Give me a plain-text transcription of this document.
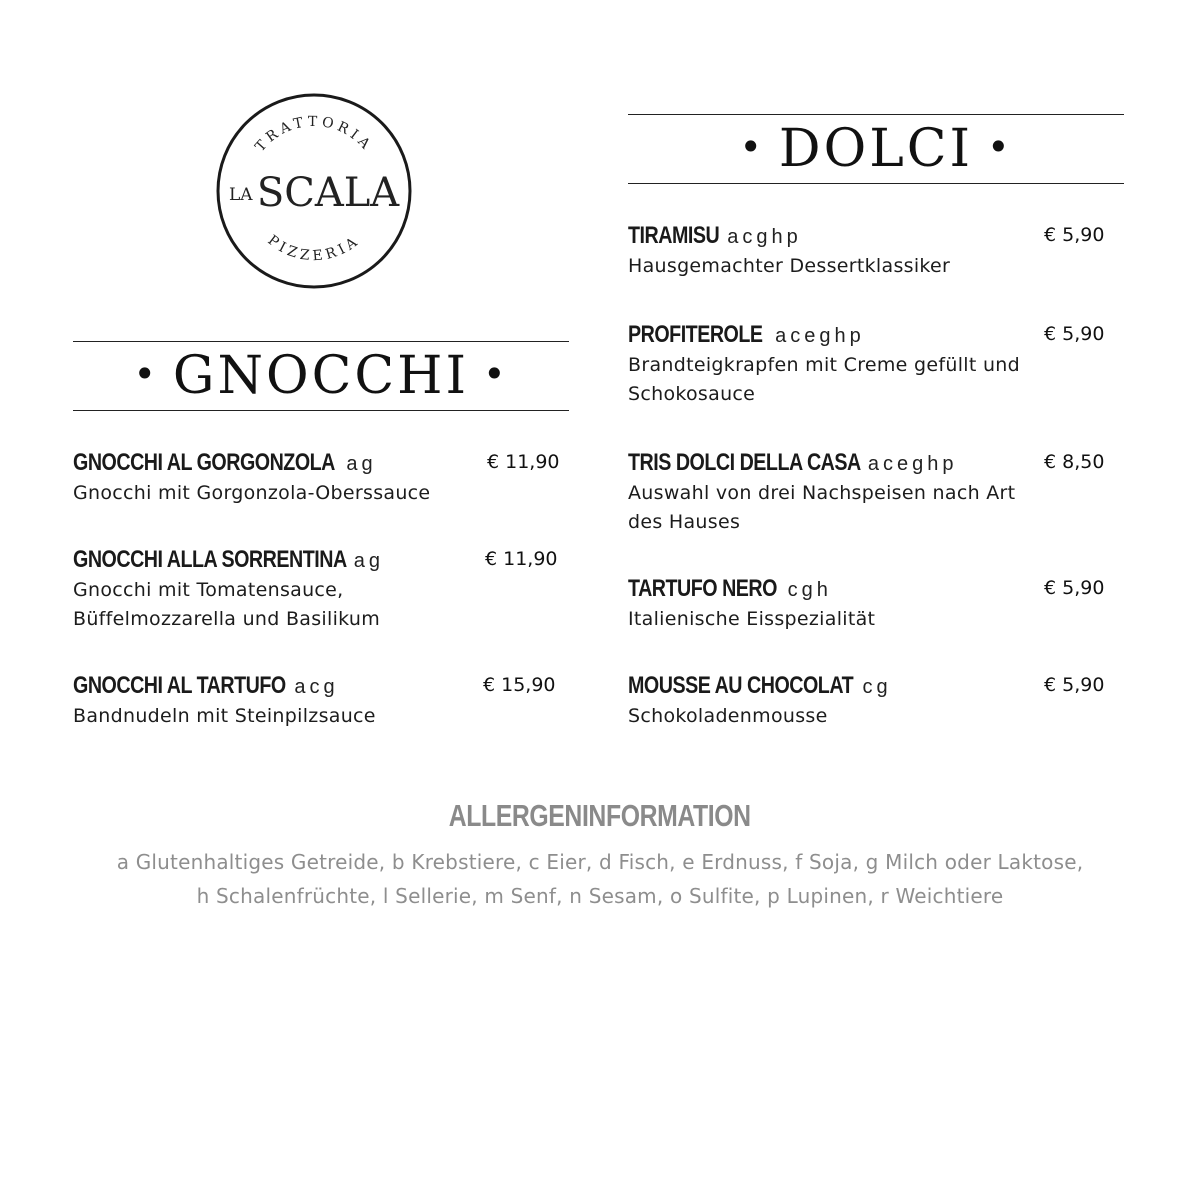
TRATTORIA
PIZZERIA
LA SCALA
• GNOCCHI •
GNOCCHI AL GORGONZOLA ag	€ 11,90
Gnocchi mit Gorgonzola-Oberssauce
GNOCCHI ALLA SORRENTINA ag	€ 11,90
Gnocchi mit Tomatensauce, Büffelmozzarella und Basilikum
GNOCCHI AL TARTUFO acg	€ 15,90
Bandnudeln mit Steinpilzsauce
• DOLCI •
TIRAMISU acghp	€ 5,90
Hausgemachter Dessertklassiker
PROFITEROLE aceghp	€ 5,90
Brandteigkrapfen mit Creme gefüllt und Schokosauce
TRIS DOLCI DELLA CASA aceghp	€ 8,50
Auswahl von drei Nachspeisen nach Art des Hauses
TARTUFO NERO cgh	€ 5,90
Italienische Eisspezialität
MOUSSE AU CHOCOLAT cg	€ 5,90
Schokoladenmousse
ALLERGENINFORMATION
a Glutenhaltiges Getreide, b Krebstiere, c Eier, d Fisch, e Erdnuss, f Soja, g Milch oder Laktose,
h Schalenfrüchte, l Sellerie, m Senf, n Sesam, o Sulfite, p Lupinen, r Weichtiere
